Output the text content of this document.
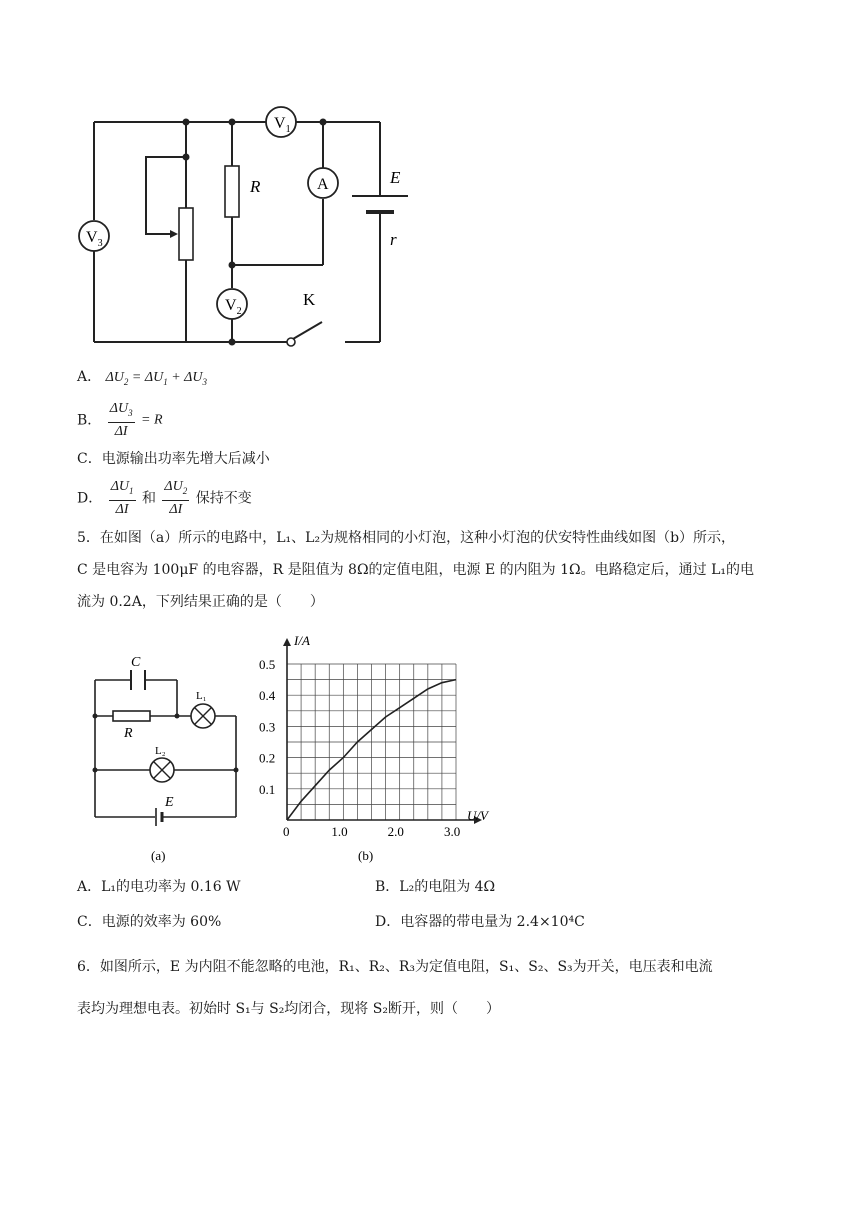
$V_1$
$V_2$
$V_3$
A
R	E
r
K
A． $\Delta U_2 = \Delta U_1 + \Delta U_3$
B． $\frac{\Delta U_3}{\Delta I} = R$
C．电源输出功率先增大后减小
D． $\frac{\Delta U_1}{\Delta I}$ 和 $\frac{\Delta U_2}{\Delta I}$ 保持不变
5．在如图（a）所示的电路中，L₁、L₂为规格相同的小灯泡，这种小灯泡的伏安特性曲线如图（b）所示，
C 是电容为 100μF 的电容器，R 是阻值为 8Ω的定值电阻，电源 E 的内阻为 1Ω。电路稳定后，通过 L₁的电
流为 0.2A，下列结果正确的是（　　）
C
R
L₁
L₂
E
(a)
0	1.0	2.0	3.0
0.1
0.2
0.3
0.4
0.5
I/A
U/V
(b)
A．L₁的电功率为 0.16 W	B．L₂的电阻为 4Ω
C．电源的效率为 60%	D．电容器的带电量为 2.4×10⁴C
6．如图所示，E 为内阻不能忽略的电池，R₁、R₂、R₃为定值电阻，S₁、S₂、S₃为开关，电压表和电流
表均为理想电表。初始时 S₁与 S₂均闭合，现将 S₂断开，则（　　）
